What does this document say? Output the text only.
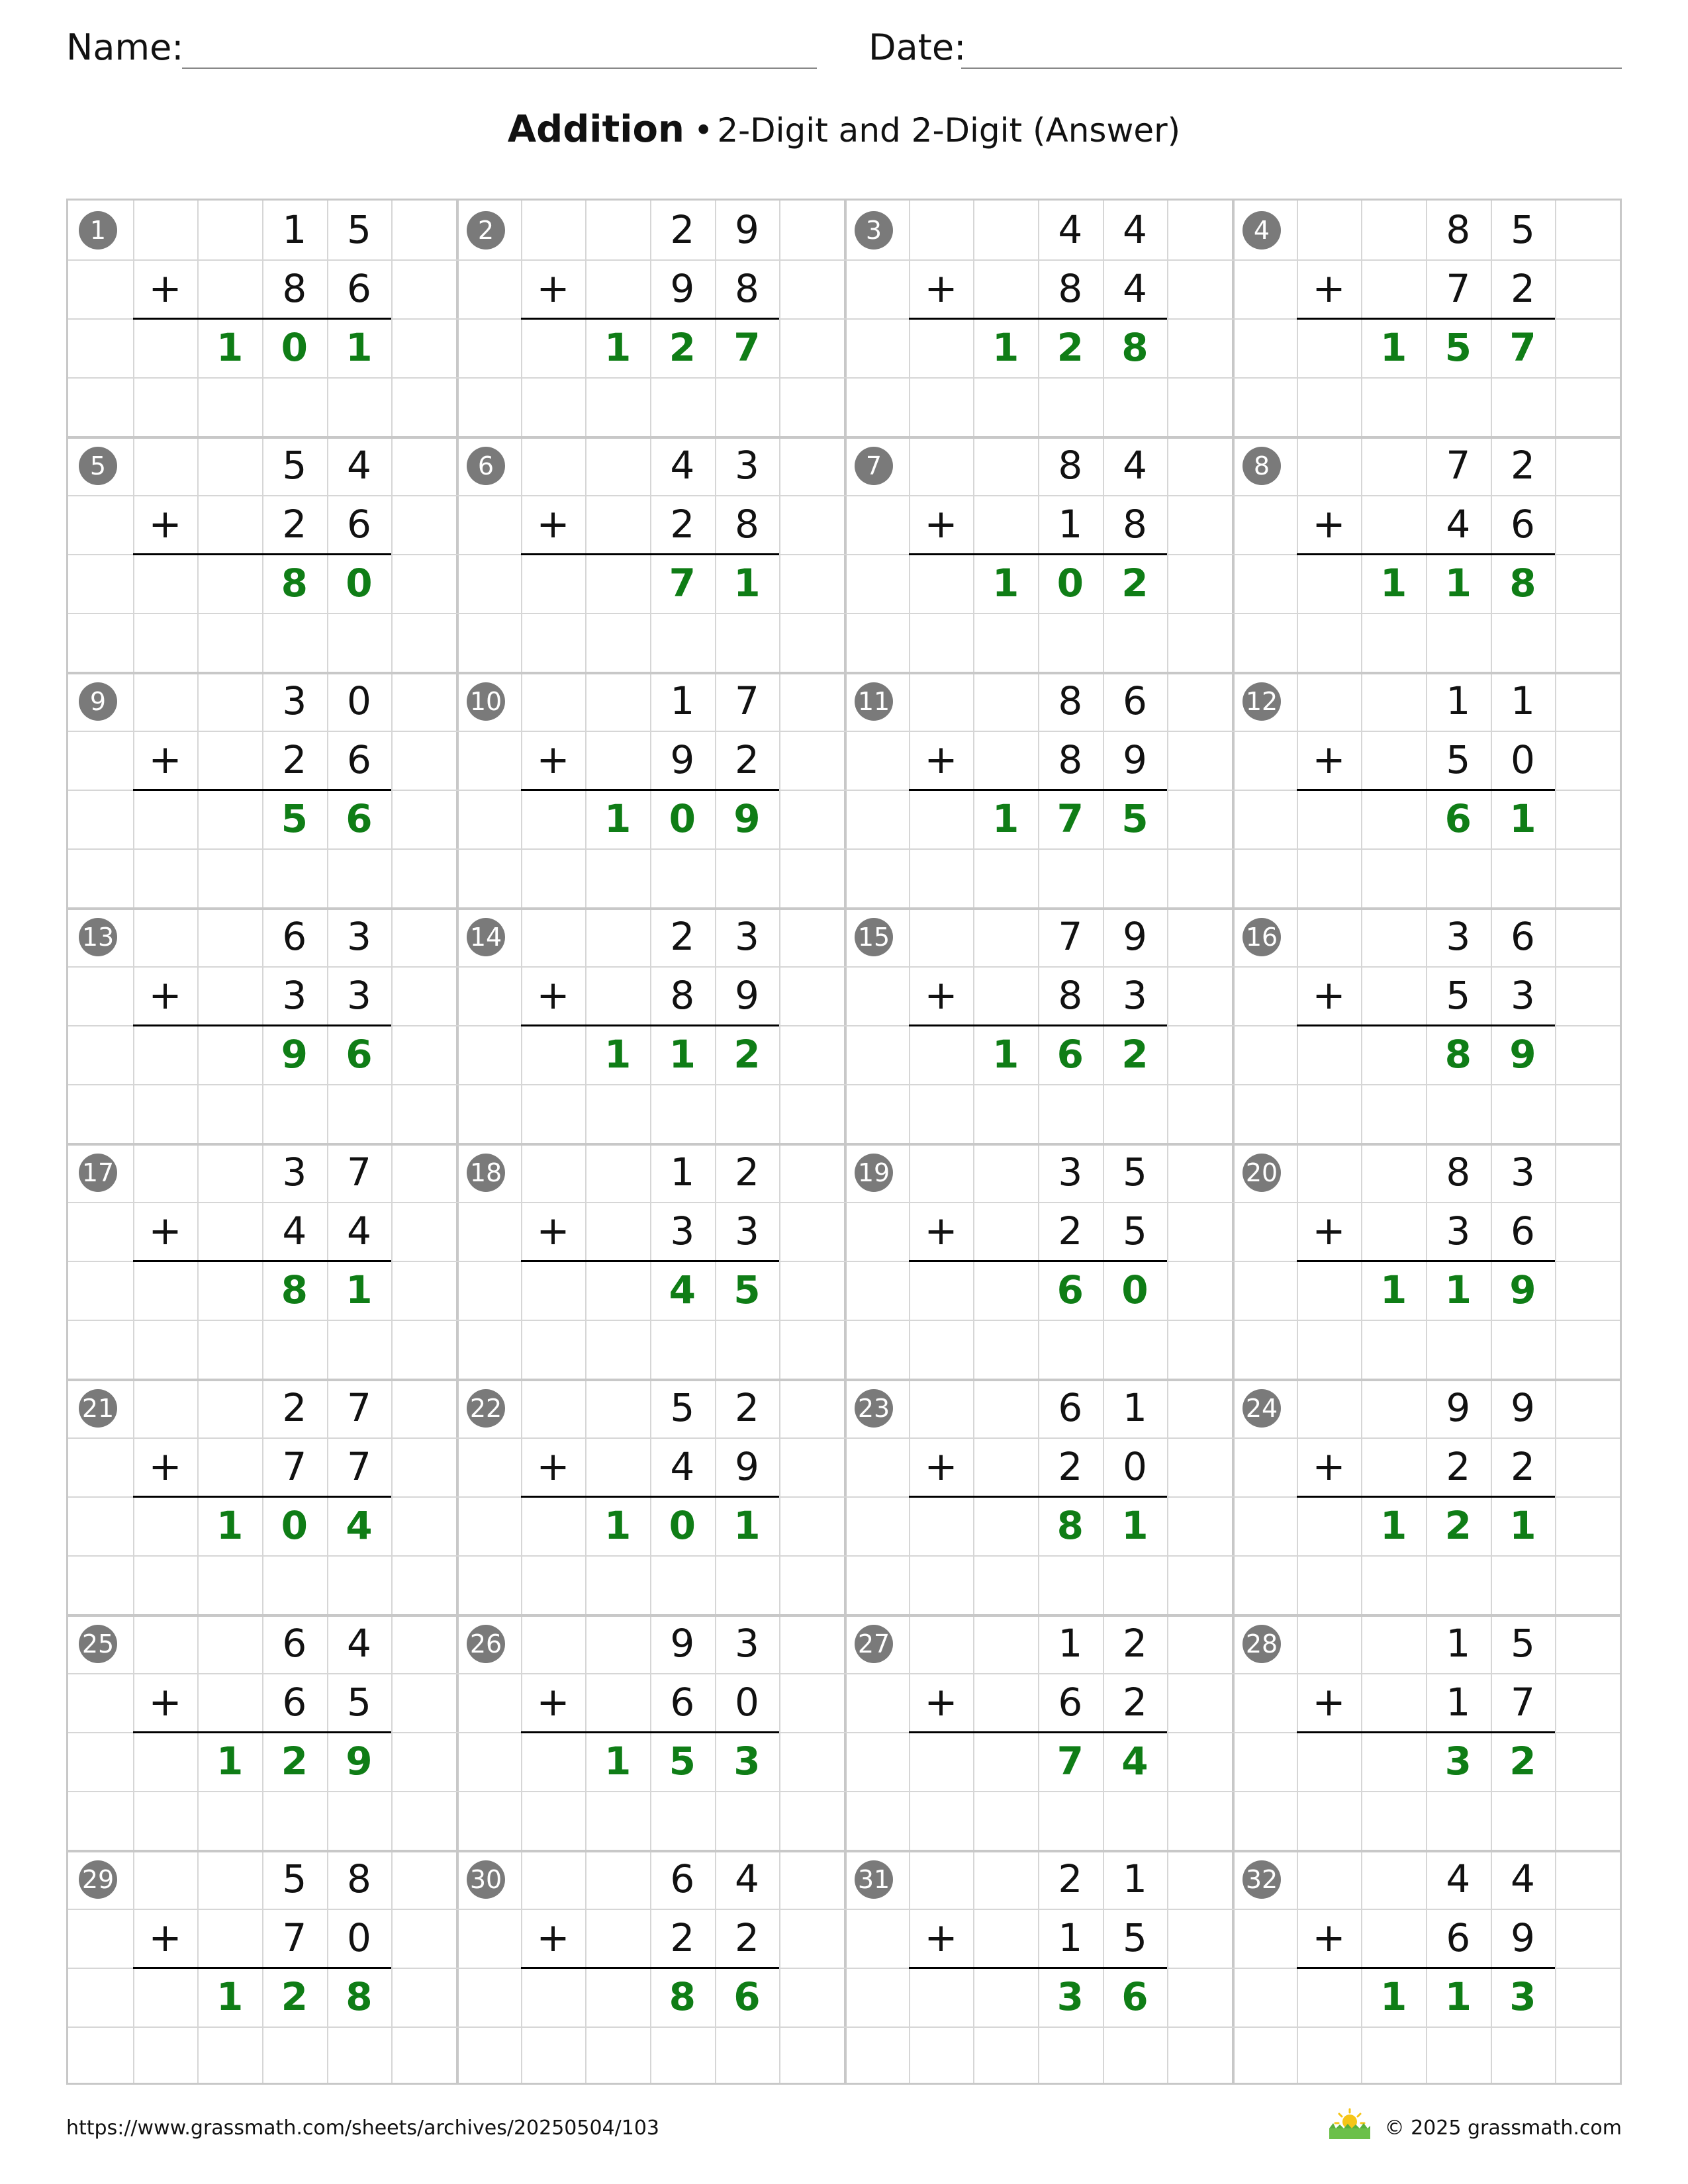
Name:	Date:
Addition • 2-Digit and 2-Digit (Answer)
1	1	5
8	6
+
1 0 1
2	2	9
9	8
+
1 2 7
3	4	4
8	4
+
1 2 8
4	8	5
7	2
+
1 5 7
5	5	4
2	6
+
8 0
6	4	3
2	8
+
7 1
7	8	4
1	8
+
1 0 2
8	7	2
4	6
+
1 1 8
9	3	0
2	6
+
5 6
10	1	7
9	2
+
1 0 9
11	8	6
8	9
+
1 7 5
12	1	1
5	0
+
6 1
13	6	3
3	3
+
9 6
14	2	3
8	9
+
1 1 2
15	7	9
8	3
+
1 6 2
16	3	6
5	3
+
8 9
17	3	7
4	4
+
8 1
18	1	2
3	3
+
4 5
19	3	5
2	5
+
6 0
20	8	3
3	6
+
1 1 9
21	2	7
7	7
+
1 0 4
22	5	2
4	9
+
1 0 1
23	6	1
2	0
+
8 1
24	9	9
2	2
+
1 2 1
25	6	4
6	5
+
1 2 9
26	9	3
6	0
+
1 5 3
27	1	2
6	2
+
7 4
28	1	5
1	7
+
3 2
29	5	8
7	0
+
1 2 8
30	6	4
2	2
+
8 6
31	2	1
1	5
+
3 6
32	4	4
6	9
+
1 1 3
https://www.grassmath.com/sheets/archives/20250504/103	© 2025 grassmath.com
